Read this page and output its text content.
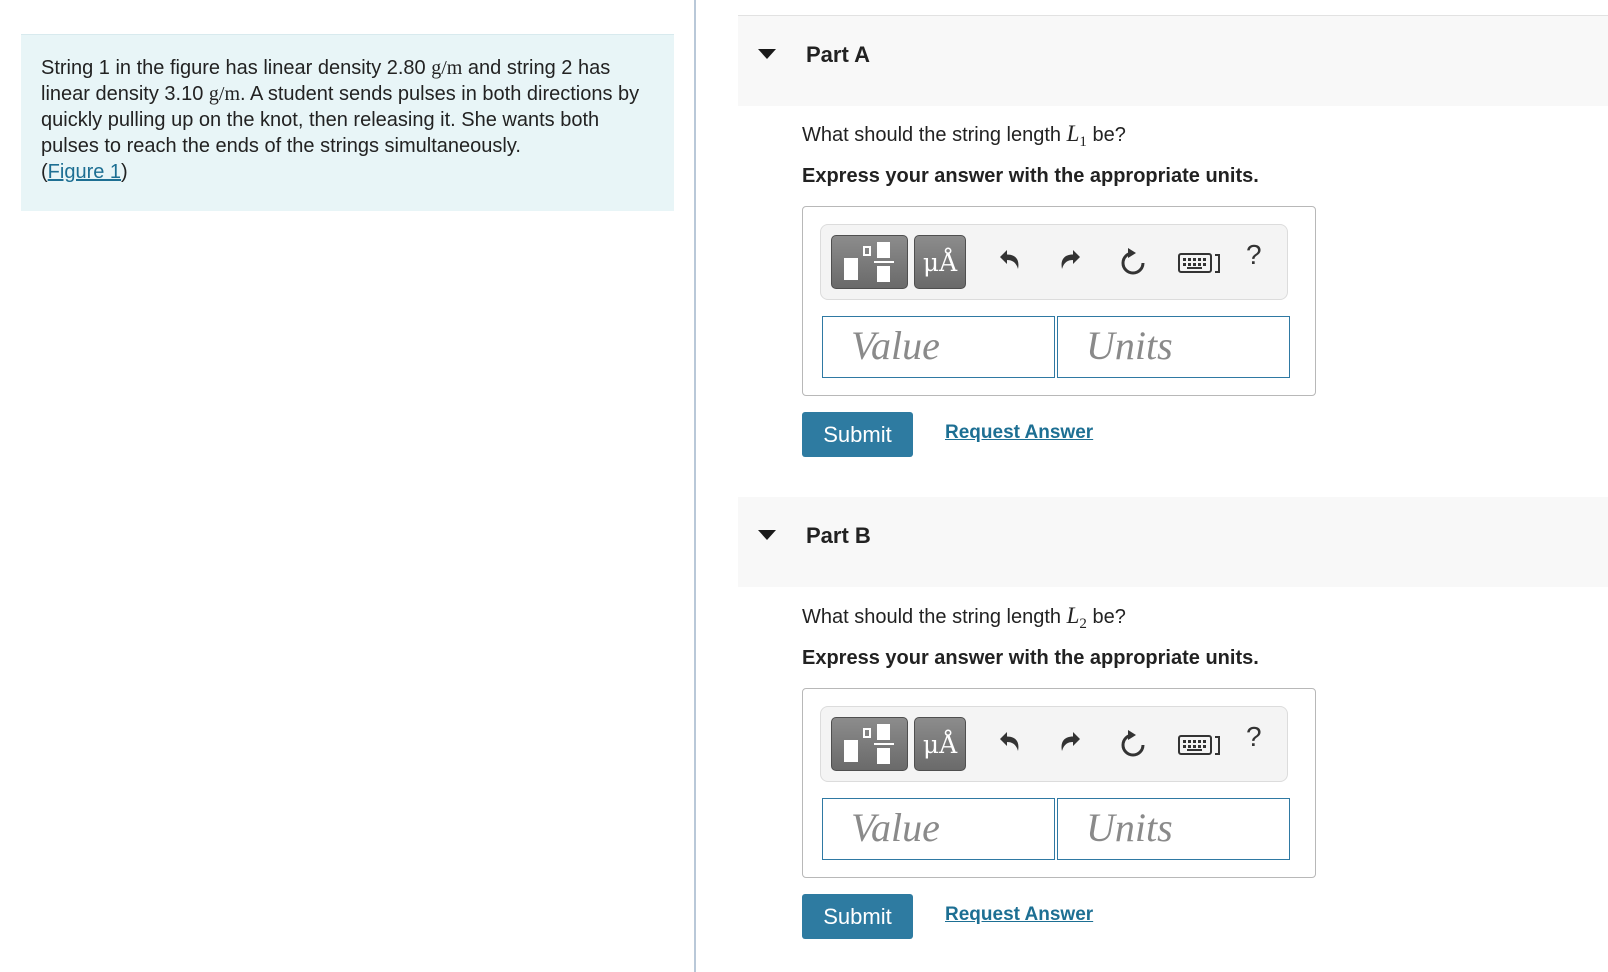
String 1 in the figure has linear density 2.80 g/m and string 2 has linear density 3.10 g/m. A student sends pulses in both directions by quickly pulling up on the knot, then releasing it. She wants both pulses to reach the ends of the strings simultaneously.
(Figure 1)
Part A
What should the string length $L_1$ be?
Express your answer with the appropriate units.
μÅ	?
Value	Units
Submit	Request Answer
Part B
What should the string length $L_2$ be?
Express your answer with the appropriate units.
μÅ	?
Value	Units
Submit	Request Answer
